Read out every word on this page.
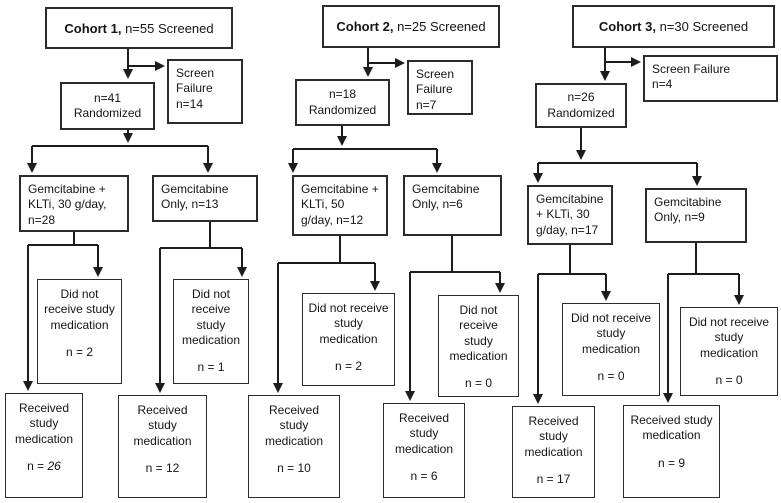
Cohort 1, n=55 Screened
Screen Failure
n=14
n=41 Randomized
Gemcitabine + KLTi, 30 g/day, n=28
Gemcitabine Only, n=13
Did not receive study medication
n = 2
Did not receive study medication
n = 1
Received study medication
n = 26
Received study medication
n = 12
Cohort 2, n=25 Screened
Screen Failure
n=7
n=18 Randomized
Gemcitabine + KLTi, 50 g/day, n=12
Gemcitabine Only, n=6
Did not receive study medication
n = 2
Did not receive study medication
n = 0
Received study medication
n = 10
Received study medication
n = 6
Cohort 3, n=30 Screened
Screen Failure
n=4
n=26 Randomized
Gemcitabine + KLTi, 30 g/day, n=17
Gemcitabine Only, n=9
Did not receive study medication
n = 0
Did not receive study medication
n = 0
Received study medication
n = 17
Received study medication
n = 9
